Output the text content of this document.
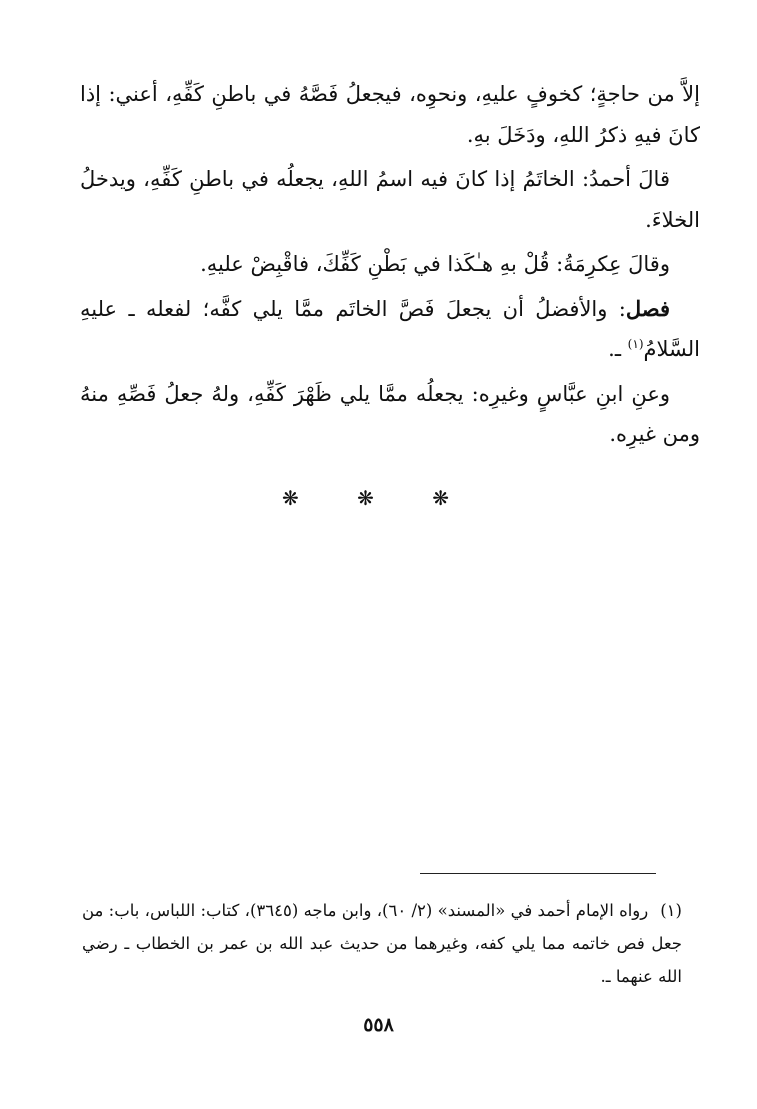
إلاَّ من حاجةٍ؛ كخوفٍ عليهِ، ونحوِه، فيجعلُ فَصَّهُ في باطنِ كَفِّهِ، أعني: إذا كانَ فيهِ ذكرُ اللهِ، ودَخَلَ بهِ.

قالَ أحمدُ: الخاتَمُ إذا كانَ فيه اسمُ اللهِ، يجعلُه في باطنِ كَفِّهِ، ويدخلُ الخلاءَ.

وقالَ عِكرِمَةُ: قُلْ بهِ هـٰكَذا في بَطْنِ كَفِّكَ، فاقْبِضْ عليهِ.

فصل: والأفضلُ أن يجعلَ فَصَّ الخاتَم ممَّا يلي كفَّه؛ لفعله ـ عليهِ السَّلامُ$^{(١)}$ ـ.

وعنِ ابنِ عبَّاسٍ وغيرِه: يجعلُه ممَّا يلي ظَهْرَ كَفِّهِ، ولهُ جعلُ فَصِّهِ منهُ ومن غيرِه.

❋ ❋ ❋
(١)رواه الإمام أحمد في «المسند» (٢/ ٦٠)، وابن ماجه (٣٦٤٥)، كتاب: اللباس، باب: من جعل فص خاتمه مما يلي كفه، وغيرهما من حديث عبد الله بن عمر بن الخطاب ـ رضي الله عنهما ـ.
٥٥٨
